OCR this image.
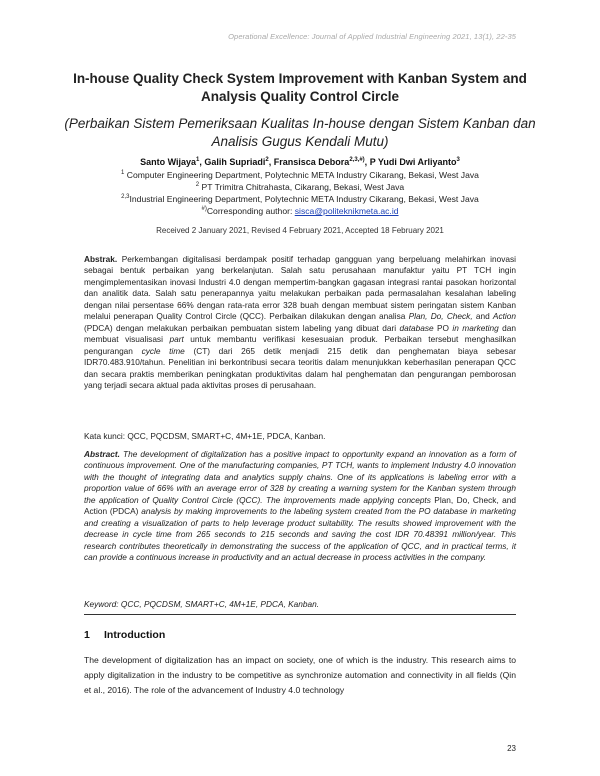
Operational Excellence: Journal of Applied Industrial Engineering 2021, 13(1), 22-35
In-house Quality Check System Improvement with Kanban System and Analysis Quality Control Circle
(Perbaikan Sistem Pemeriksaan Kualitas In-house dengan Sistem Kanban dan Analisis Gugus Kendali Mutu)
Santo Wijaya$^1$, Galih Supriadi$^2$, Fransisca Debora$^{2,3,\#)}$, P Yudi Dwi Arliyanto$^3$
$^1$ Computer Engineering Department, Polytechnic META Industry Cikarang, Bekasi, West Java
$^2$ PT Trimitra Chitrahasta, Cikarang, Bekasi, West Java
$^{2,3}$Industrial Engineering Department, Polytechnic META Industry Cikarang, Bekasi, West Java
#)Corresponding author: sisca@politeknikmeta.ac.id
Received 2 January 2021, Revised 4 February 2021, Accepted 18 February 2021
Abstrak. Perkembangan digitalisasi berdampak positif terhadap gangguan yang berpeluang melahirkan inovasi sebagai bentuk perbaikan yang berkelanjutan. Salah satu perusahaan manufaktur yaitu PT TCH ingin mengimplementasikan inovasi Industri 4.0 dengan mempertim-bangkan gagasan integrasi rantai pasokan horizontal dan analitik data. Salah satu penerapannya yaitu melakukan perbaikan pada permasalahan kesalahan labeling dengan nilai persentase 66% dengan rata-rata error 328 buah dengan membuat sistem peringatan sistem Kanban melalui penerapan Quality Control Circle (QCC). Perbaikan dilakukan dengan analisa Plan, Do, Check, and Action (PDCA) dengan melakukan perbaikan pembuatan sistem labeling yang dibuat dari database PO in marketing dan membuat visualisasi part untuk membantu verifikasi kesesuaian produk. Perbaikan tersebut menghasilkan pengurangan cycle time (CT) dari 265 detik menjadi 215 detik dan penghematan biaya sebesar IDR70.483.910/tahun. Penelitian ini berkontribusi secara teoritis dalam menunjukkan keberhasilan penerapan QCC dan secara praktis memberikan peningkatan produktivitas dalam hal penghematan dan pengurangan pemborosan yang terjadi secara aktual pada aktivitas proses di perusahaan.
Kata kunci: QCC, PQCDSM, SMART+C, 4M+1E, PDCA, Kanban.
Abstract. The development of digitalization has a positive impact to opportunity expand an innovation as a form of continuous improvement. One of the manufacturing companies, PT TCH, wants to implement Industry 4.0 innovation with the thought of integrating data and analytics supply chains. One of its applications is labeling error with a proportion value of 66% with an average error of 328 by creating a warning system for the Kanban system through the application of Quality Control Circle (QCC). The improvements made applying concepts Plan, Do, Check, and Action (PDCA) analysis by making improvements to the labeling system created from the PO database in marketing and creating a visualization of parts to help leverage product suitability. The results showed improvement with the decrease in cycle time from 265 seconds to 215 seconds and saving the cost IDR 70.48391 million/year. This research contributes theoretically in demonstrating the success of the application of QCC, and in practical terms, it can provide a continuous increase in productivity and an actual decrease in process activities in the company.
Keyword: QCC, PQCDSM, SMART+C, 4M+1E, PDCA, Kanban.
1 Introduction
The development of digitalization has an impact on society, one of which is the industry. This research aims to apply digitalization in the industry to be competitive as synchronize automation and connectivity in all fields (Qin et al., 2016). The role of the advancement of Industry 4.0 technology
23
